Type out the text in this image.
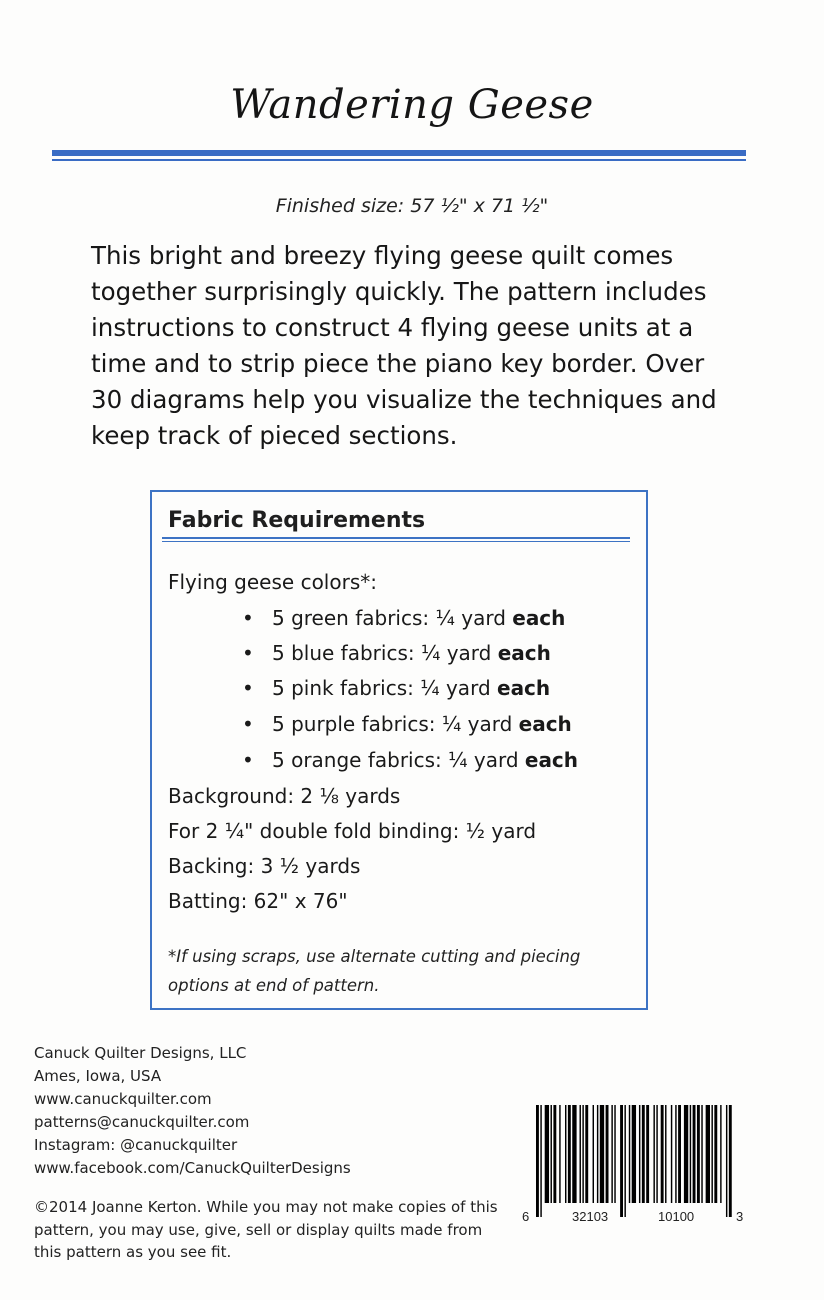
Wandering Geese
Finished size: 57 ½" x 71 ½"
This bright and breezy flying geese quilt comes together surprisingly quickly. The pattern includes instructions to construct 4 flying geese units at a time and to strip piece the piano key border. Over 30 diagrams help you visualize the techniques and keep track of pieced sections.
Fabric Requirements
Flying geese colors*:
• 5 green fabrics: ¼ yard each
• 5 blue fabrics: ¼ yard each
• 5 pink fabrics: ¼ yard each
• 5 purple fabrics: ¼ yard each
• 5 orange fabrics: ¼ yard each
Background: 2 ⅛ yards
For 2 ¼" double fold binding: ½ yard
Backing: 3 ½ yards
Batting: 62" x 76"
*If using scraps, use alternate cutting and piecing options at end of pattern.
Canuck Quilter Designs, LLC
Ames, Iowa, USA
www.canuckquilter.com
patterns@canuckquilter.com
Instagram: @canuckquilter
www.facebook.com/CanuckQuilterDesigns
©2014 Joanne Kerton. While you may not make copies of this pattern, you may use, give, sell or display quilts made from this pattern as you see fit.
6	32103	10100	3
